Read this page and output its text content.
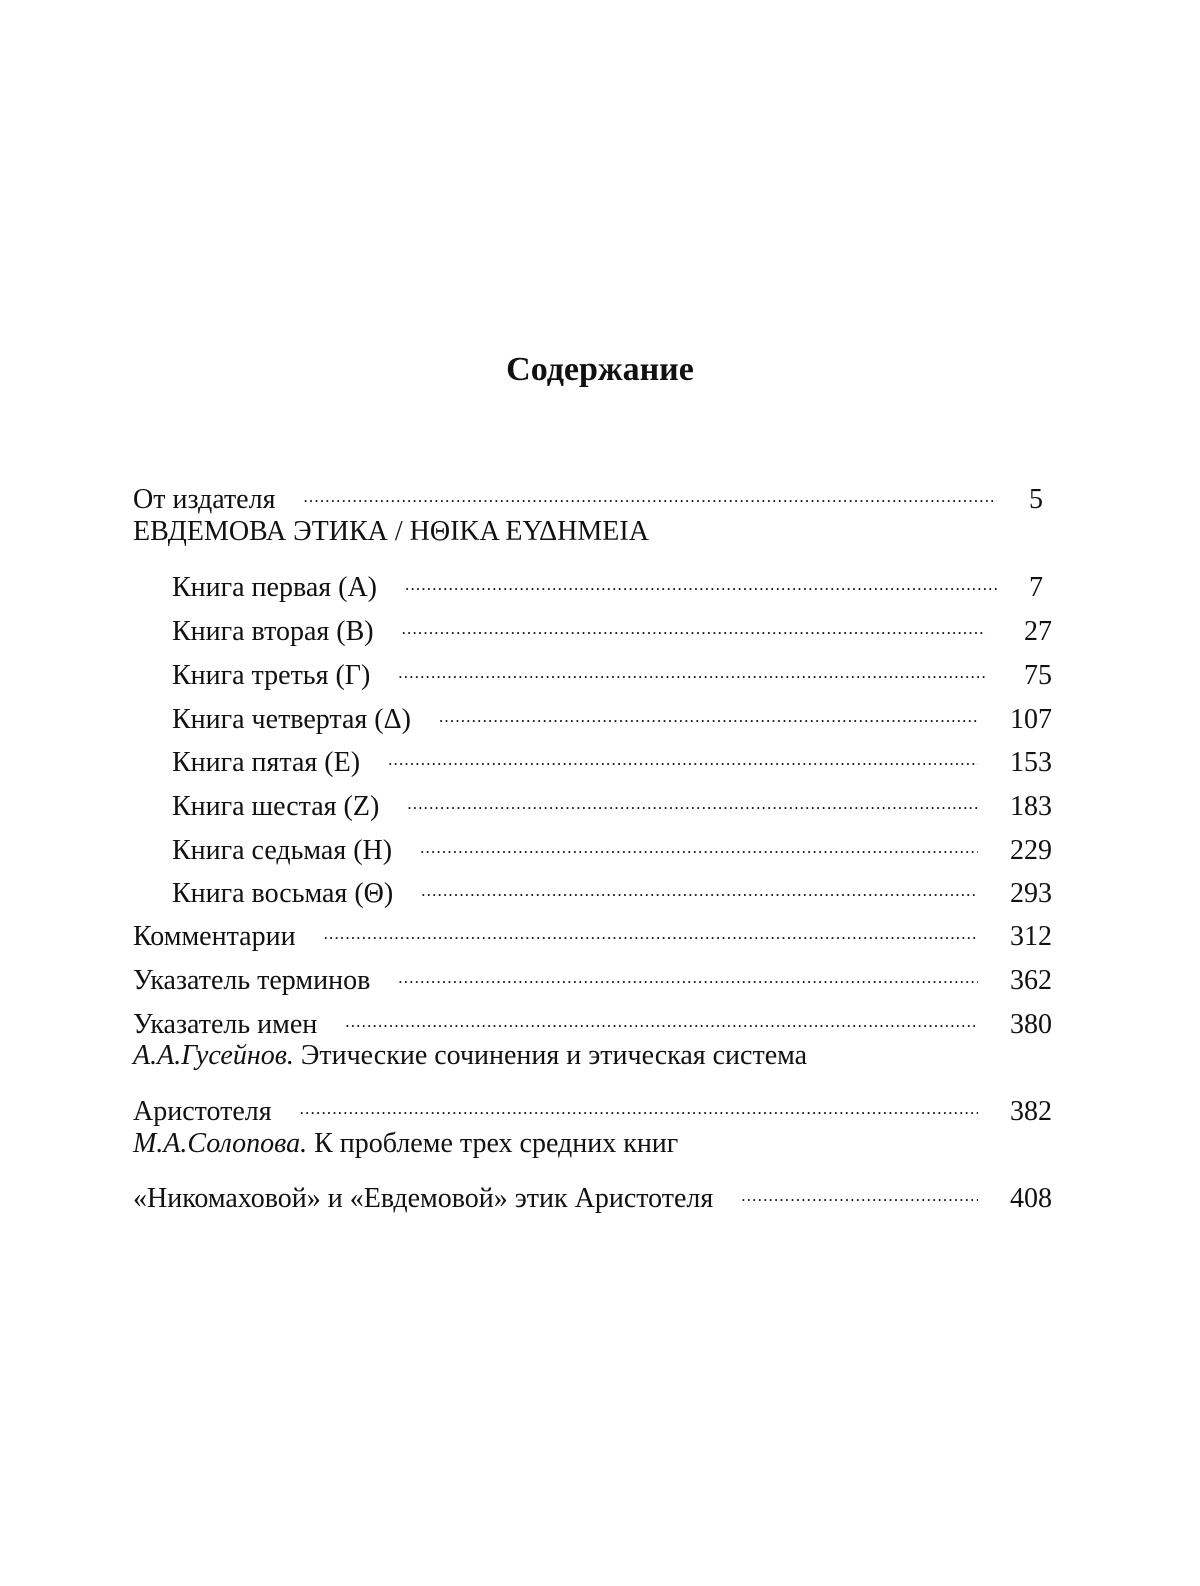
Содержание
От издателя .....	5
ЕВДЕМОВА ЭТИКА / ΗΘΙΚΑ ΕΥΔΗΜΕΙΑ
Книга первая (А) .....	7
Книга вторая (В) .....	27
Книга третья (Г) .....	75
Книга четвертая (Δ) .....	107
Книга пятая (Е) .....	153
Книга шестая (Z) .....	183
Книга седьмая (Н) .....	229
Книга восьмая (Θ) .....	293
Комментарии .....	312
Указатель терминов .....	362
Указатель имен .....	380
А.А.Гусейнов. Этические сочинения и этическая система
Аристотеля .....	382
М.А.Солопова. К проблеме трех средних книг
«Никомаховой» и «Евдемовой» этик Аристотеля .....	408
